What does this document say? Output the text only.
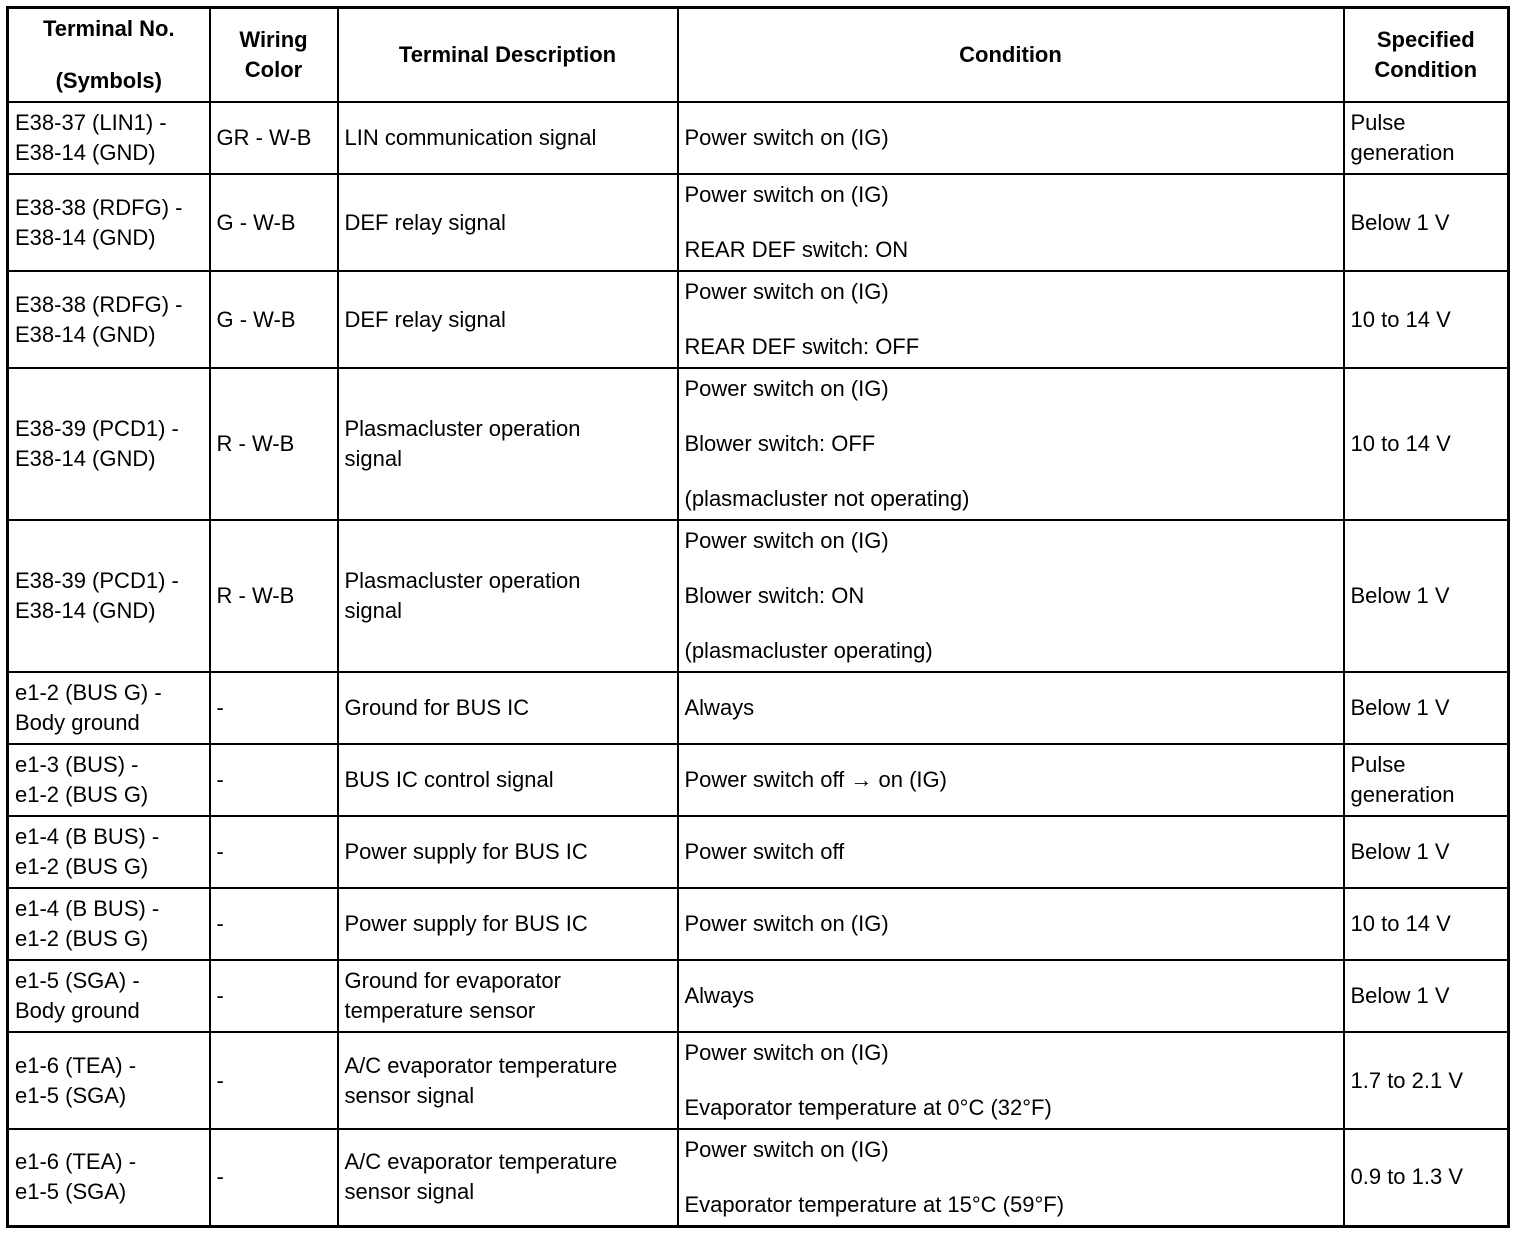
Terminal No.
(Symbols)	Wiring
Color	Terminal Description	Condition	Specified
Condition
E38-37 (LIN1) -
E38-14 (GND)	GR - W-B	LIN communication signal	Power switch on (IG)	Pulse
generation
E38-38 (RDFG) -
E38-14 (GND)	G - W-B	DEF relay signal	Power switch on (IG)
REAR DEF switch: ON	Below 1 V
E38-38 (RDFG) -
E38-14 (GND)	G - W-B	DEF relay signal	Power switch on (IG)
REAR DEF switch: OFF	10 to 14 V
E38-39 (PCD1) -
E38-14 (GND)	R - W-B	Plasmacluster operation
signal	Power switch on (IG)
Blower switch: OFF
(plasmacluster not operating)	10 to 14 V
E38-39 (PCD1) -
E38-14 (GND)	R - W-B	Plasmacluster operation
signal	Power switch on (IG)
Blower switch: ON
(plasmacluster operating)	Below 1 V
e1-2 (BUS G) -
Body ground	-	Ground for BUS IC	Always	Below 1 V
e1-3 (BUS) -
e1-2 (BUS G)	-	BUS IC control signal	Power switch off → on (IG)	Pulse
generation
e1-4 (B BUS) -
e1-2 (BUS G)	-	Power supply for BUS IC	Power switch off	Below 1 V
e1-4 (B BUS) -
e1-2 (BUS G)	-	Power supply for BUS IC	Power switch on (IG)	10 to 14 V
e1-5 (SGA) -
Body ground	-	Ground for evaporator
temperature sensor	Always	Below 1 V
e1-6 (TEA) -
e1-5 (SGA)	-	A/C evaporator temperature
sensor signal	Power switch on (IG)
Evaporator temperature at 0°C (32°F)	1.7 to 2.1 V
e1-6 (TEA) -
e1-5 (SGA)	-	A/C evaporator temperature
sensor signal	Power switch on (IG)
Evaporator temperature at 15°C (59°F)	0.9 to 1.3 V
